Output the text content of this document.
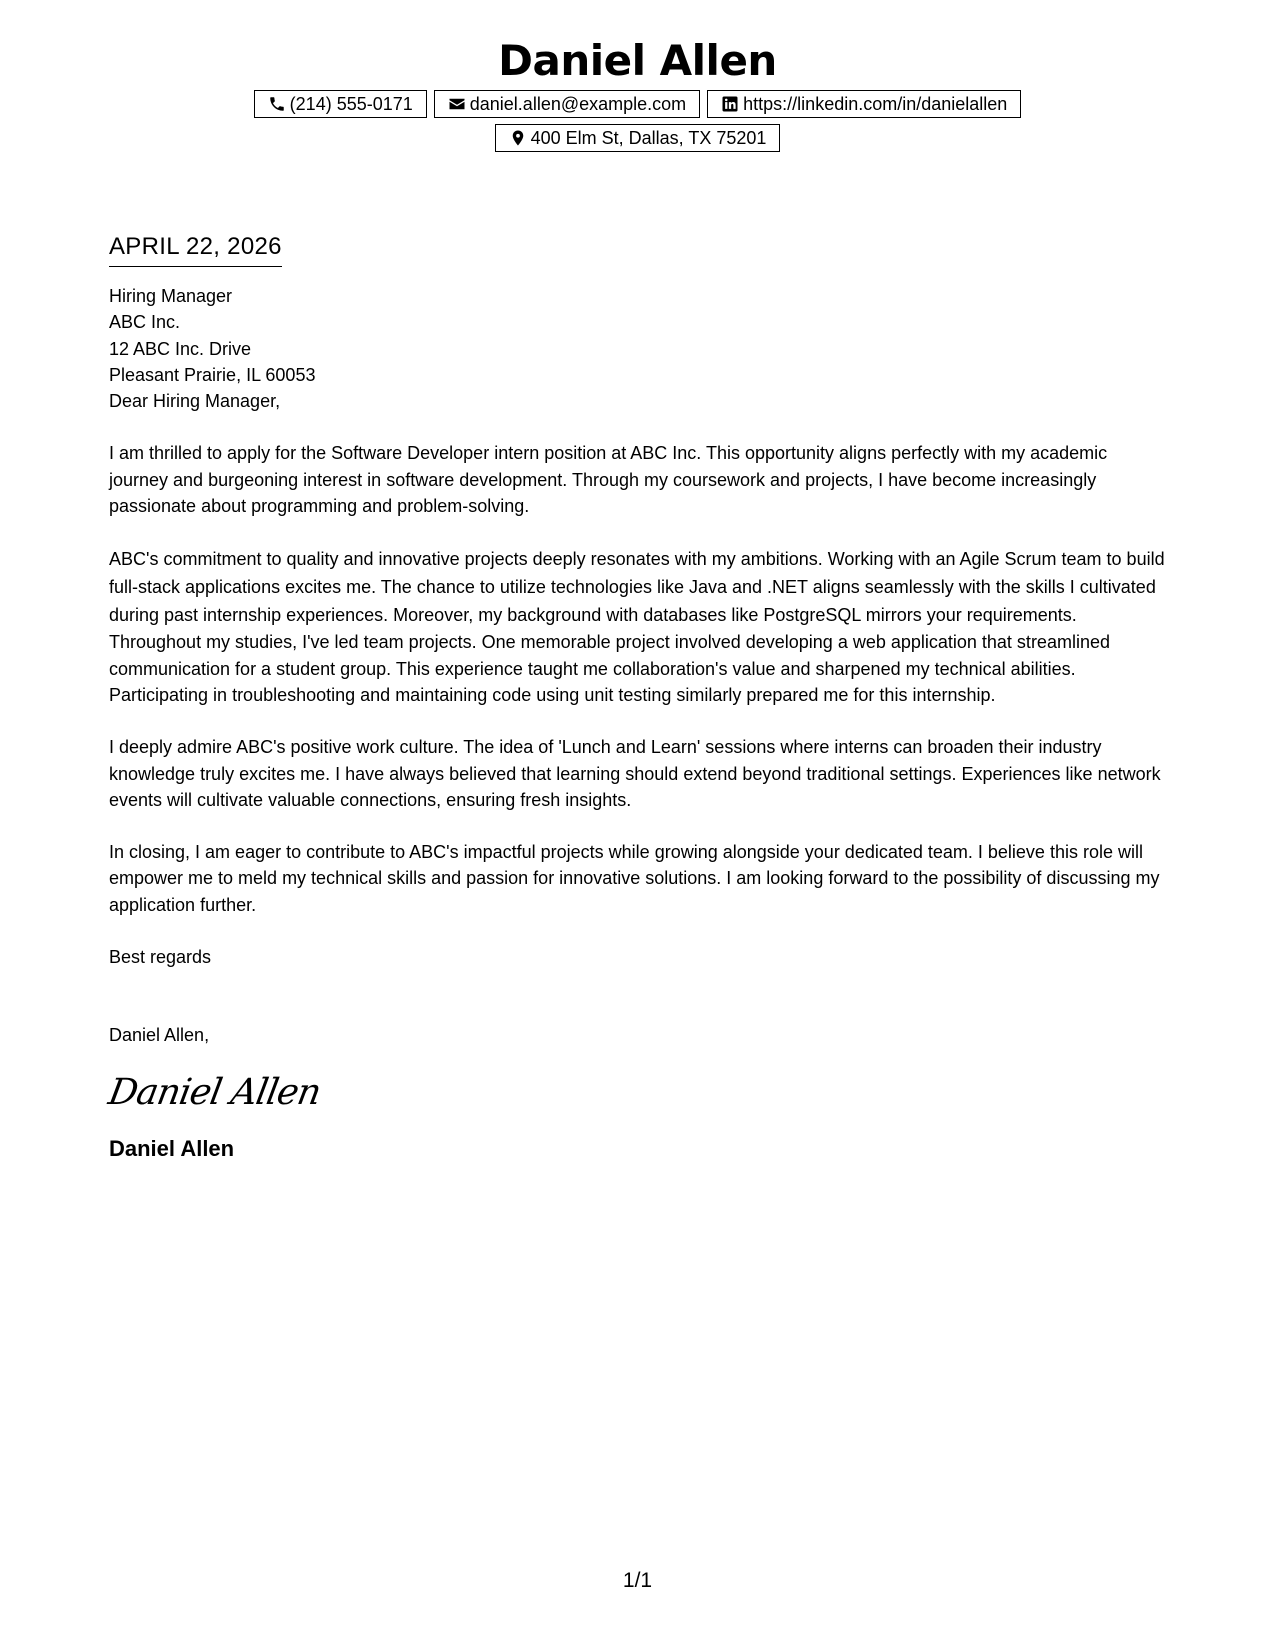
Daniel Allen
(214) 555-0171	daniel.allen@example.com	https://linkedin.com/in/danielallen
400 Elm St, Dallas, TX 75201
APRIL 22, 2026
Hiring Manager
ABC Inc.
12 ABC Inc. Drive
Pleasant Prairie, IL 60053
Dear Hiring Manager,

I am thrilled to apply for the Software Developer intern position at ABC Inc. This opportunity aligns perfectly with my academic journey and burgeoning interest in software development. Through my coursework and projects, I have become increasingly passionate about programming and problem-solving.

ABC's commitment to quality and innovative projects deeply resonates with my ambitions. Working with an Agile Scrum team to build full-stack applications excites me. The chance to utilize technologies like Java and .NET aligns seamlessly with the skills I cultivated during past internship experiences. Moreover, my background with databases like PostgreSQL mirrors your requirements.

Throughout my studies, I've led team projects. One memorable project involved developing a web application that streamlined communication for a student group. This experience taught me collaboration's value and sharpened my technical abilities. Participating in troubleshooting and maintaining code using unit testing similarly prepared me for this internship.

I deeply admire ABC's positive work culture. The idea of 'Lunch and Learn' sessions where interns can broaden their industry knowledge truly excites me. I have always believed that learning should extend beyond traditional settings. Experiences like network events will cultivate valuable connections, ensuring fresh insights.

In closing, I am eager to contribute to ABC's impactful projects while growing alongside your dedicated team. I believe this role will empower me to meld my technical skills and passion for innovative solutions. I am looking forward to the possibility of discussing my application further.

Best regards
Daniel Allen,
Daniel Allen
Daniel Allen
1/1
